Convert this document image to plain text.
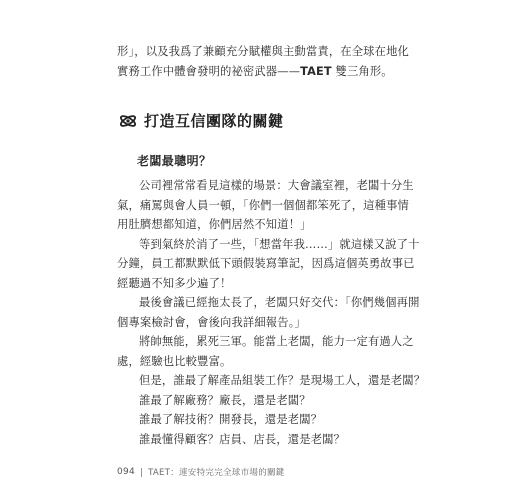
形」，以及我爲了兼顧充分賦權與主動當責，在全球在地化
實務工作中體會發明的祕密武器——TAET 雙三角形。

打造互信團隊的關鍵
老闆最聰明？

公司裡常常看見這樣的場景：大會議室裡，老闆十分生
氣，痛罵與會人員一頓，「你們一個個都笨死了，這種事情
用肚臍想都知道，你們居然不知道！」

等到氣終於消了一些，「想當年我……」就這樣又說了十
分鐘，員工都默默低下頭假裝寫筆記，因爲這個英勇故事已
經聽過不知多少遍了！

最後會議已經拖太長了，老闆只好交代：「你們幾個再開
個專案檢討會，會後向我詳細報告。」

將帥無能，累死三軍。能當上老闆，能力一定有過人之
處，經驗也比較豐富。

但是，誰最了解產品組裝工作？是現場工人，還是老闆？
誰最了解廠務？廠長，還是老闆？
誰最了解技術？開發長，還是老闆？
誰最懂得顧客？店員、店長，還是老闆？

094 TAET：連安特完完全球市場的關鍵
